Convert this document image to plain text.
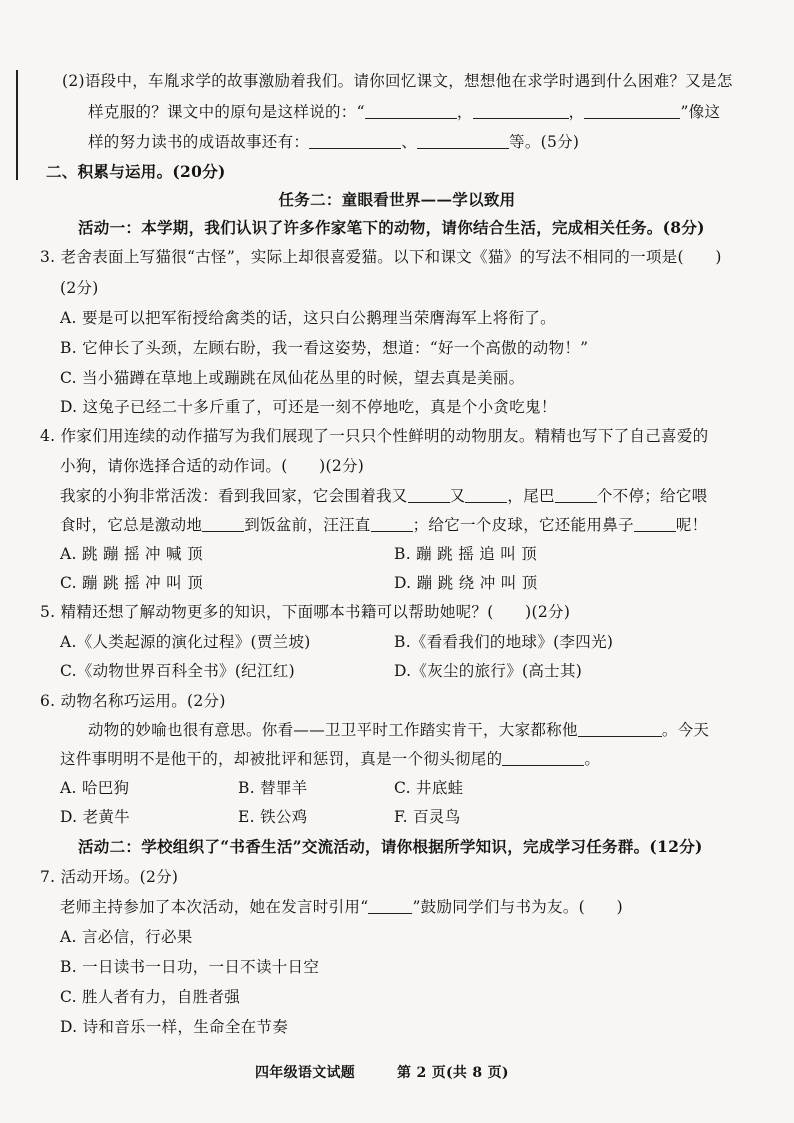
(2)语段中，车胤求学的故事激励着我们。请你回忆课文，想想他在求学时遇到什么困难？又是怎
样克服的？课文中的原句是这样说的：“	，	，	”像这
样的努力读书的成语故事还有：	、	等。(5分)
二、积累与运用。(20分)
任务二：童眼看世界——学以致用
活动一：本学期，我们认识了许多作家笔下的动物，请你结合生活，完成相关任务。(8分)
3. 老舍表面上写猫很“古怪”，实际上却很喜爱猫。以下和课文《猫》的写法不相同的一项是(　　)
(2分)
A. 要是可以把军衔授给禽类的话，这只白公鹅理当荣膺海军上将衔了。
B. 它伸长了头颈，左顾右盼，我一看这姿势，想道：“好一个高傲的动物！”
C. 当小猫蹲在草地上或蹦跳在凤仙花丛里的时候，望去真是美丽。
D. 这兔子已经二十多斤重了，可还是一刻不停地吃，真是个小贪吃鬼！
4. 作家们用连续的动作描写为我们展现了一只只个性鲜明的动物朋友。精精也写下了自己喜爱的
小狗，请你选择合适的动作词。(　　)(2分)
我家的小狗非常活泼：看到我回家，它会围着我又	又	，尾巴	个不停；给它喂
食时，它总是激动地	到饭盆前，汪汪直	；给它一个皮球，它还能用鼻子	呢！
A. 跳 蹦 摇 冲 喊 顶	B. 蹦 跳 摇 追 叫 顶
C. 蹦 跳 摇 冲 叫 顶	D. 蹦 跳 绕 冲 叫 顶
5. 精精还想了解动物更多的知识，下面哪本书籍可以帮助她呢？(　　)(2分)
A.《人类起源的演化过程》(贾兰坡)	B.《看看我们的地球》(李四光)
C.《动物世界百科全书》(纪江红)	D.《灰尘的旅行》(高士其)
6. 动物名称巧运用。(2分)
动物的妙喻也很有意思。你看——卫卫平时工作踏实肯干，大家都称他	。今天
这件事明明不是他干的，却被批评和惩罚，真是一个彻头彻尾的	。
A. 哈巴狗	B. 替罪羊	C. 井底蛙
D. 老黄牛	E. 铁公鸡	F. 百灵鸟
活动二：学校组织了“书香生活”交流活动，请你根据所学知识，完成学习任务群。(12分)
7. 活动开场。(2分)
老师主持参加了本次活动，她在发言时引用“	”鼓励同学们与书为友。(　　)
A. 言必信，行必果
B. 一日读书一日功，一日不读十日空
C. 胜人者有力，自胜者强
D. 诗和音乐一样，生命全在节奏
四年级语文试题	第 2 页(共 8 页)
